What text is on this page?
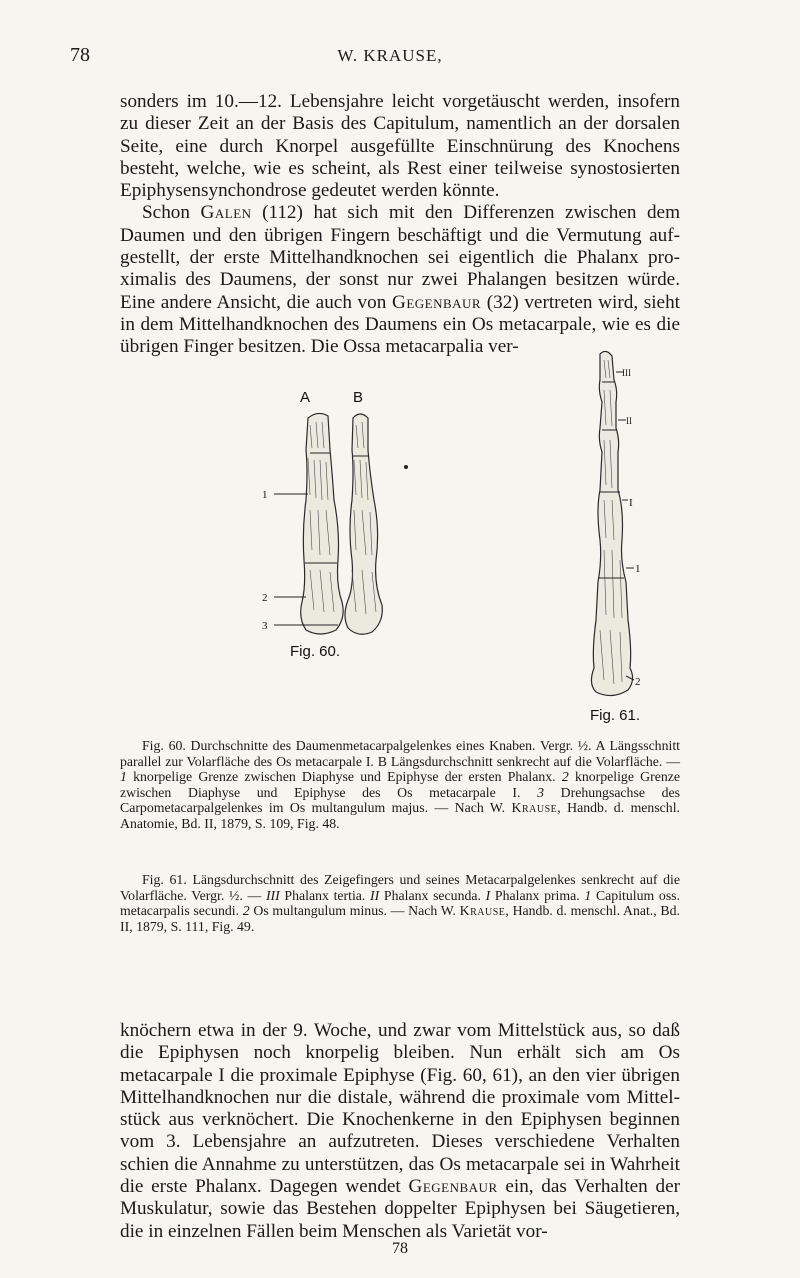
78	W. KRAUSE,

sonders im 10.—12. Lebensjahre leicht vorgetäuscht werden, insofern zu dieser Zeit an der Basis des Capitulum, namentlich an der dorsalen Seite, eine durch Knorpel ausgefüllte Einschnürung des Knochens besteht, welche, wie es scheint, als Rest einer teilweise synostosierten Epiphysensynchondrose gedeutet werden könnte.

Schon Galen (112) hat sich mit den Differenzen zwischen dem Daumen und den übrigen Fingern beschäftigt und die Vermutung aufgestellt, der erste Mittelhandknochen sei eigentlich die Phalanx proximalis des Daumens, der sonst nur zwei Phalangen besitzen würde. Eine andere Ansicht, die auch von Gegenbaur (32) vertreten wird, sieht in dem Mittelhandknochen des Daumens ein Os metacarpale, wie es die übrigen Finger besitzen. Die Ossa metacarpalia ver-

A	B
1
2
3
Fig. 60.
III
II
I
1
2
Fig. 61.

Fig. 60. Durchschnitte des Daumenmetacarpalgelenkes eines Knaben. Vergr. ½. A Längsschnitt parallel zur Volarfläche des Os metacarpale I. B Längsdurchschnitt senkrecht auf die Volarfläche. — 1 knorpelige Grenze zwischen Diaphyse und Epiphyse der ersten Phalanx. 2 knorpelige Grenze zwischen Diaphyse und Epiphyse des Os metacarpale I. 3 Drehungsachse des Carpometacarpalgelenkes im Os multangulum majus. — Nach W. Krause, Handb. d. menschl. Anatomie, Bd. II, 1879, S. 109, Fig. 48.

Fig. 61. Längsdurchschnitt des Zeigefingers und seines Metacarpalgelenkes senkrecht auf die Volarfläche. Vergr. ½. — III Phalanx tertia. II Phalanx secunda. I Phalanx prima. 1 Capitulum oss. metacarpalis secundi. 2 Os multangulum minus. — Nach W. Krause, Handb. d. menschl. Anat., Bd. II, 1879, S. 111, Fig. 49.

knöchern etwa in der 9. Woche, und zwar vom Mittelstück aus, so daß die Epiphysen noch knorpelig bleiben. Nun erhält sich am Os metacarpale I die proximale Epiphyse (Fig. 60, 61), an den vier übrigen Mittelhandknochen nur die distale, während die proximale vom Mittelstück aus verknöchert. Die Knochenkerne in den Epiphysen beginnen vom 3. Lebensjahre an aufzutreten. Dieses verschiedene Verhalten schien die Annahme zu unterstützen, das Os metacarpale sei in Wahrheit die erste Phalanx. Dagegen wendet Gegenbaur ein, das Verhalten der Muskulatur, sowie das Bestehen doppelter Epiphysen bei Säugetieren, die in einzelnen Fällen beim Menschen als Varietät vor-

78
